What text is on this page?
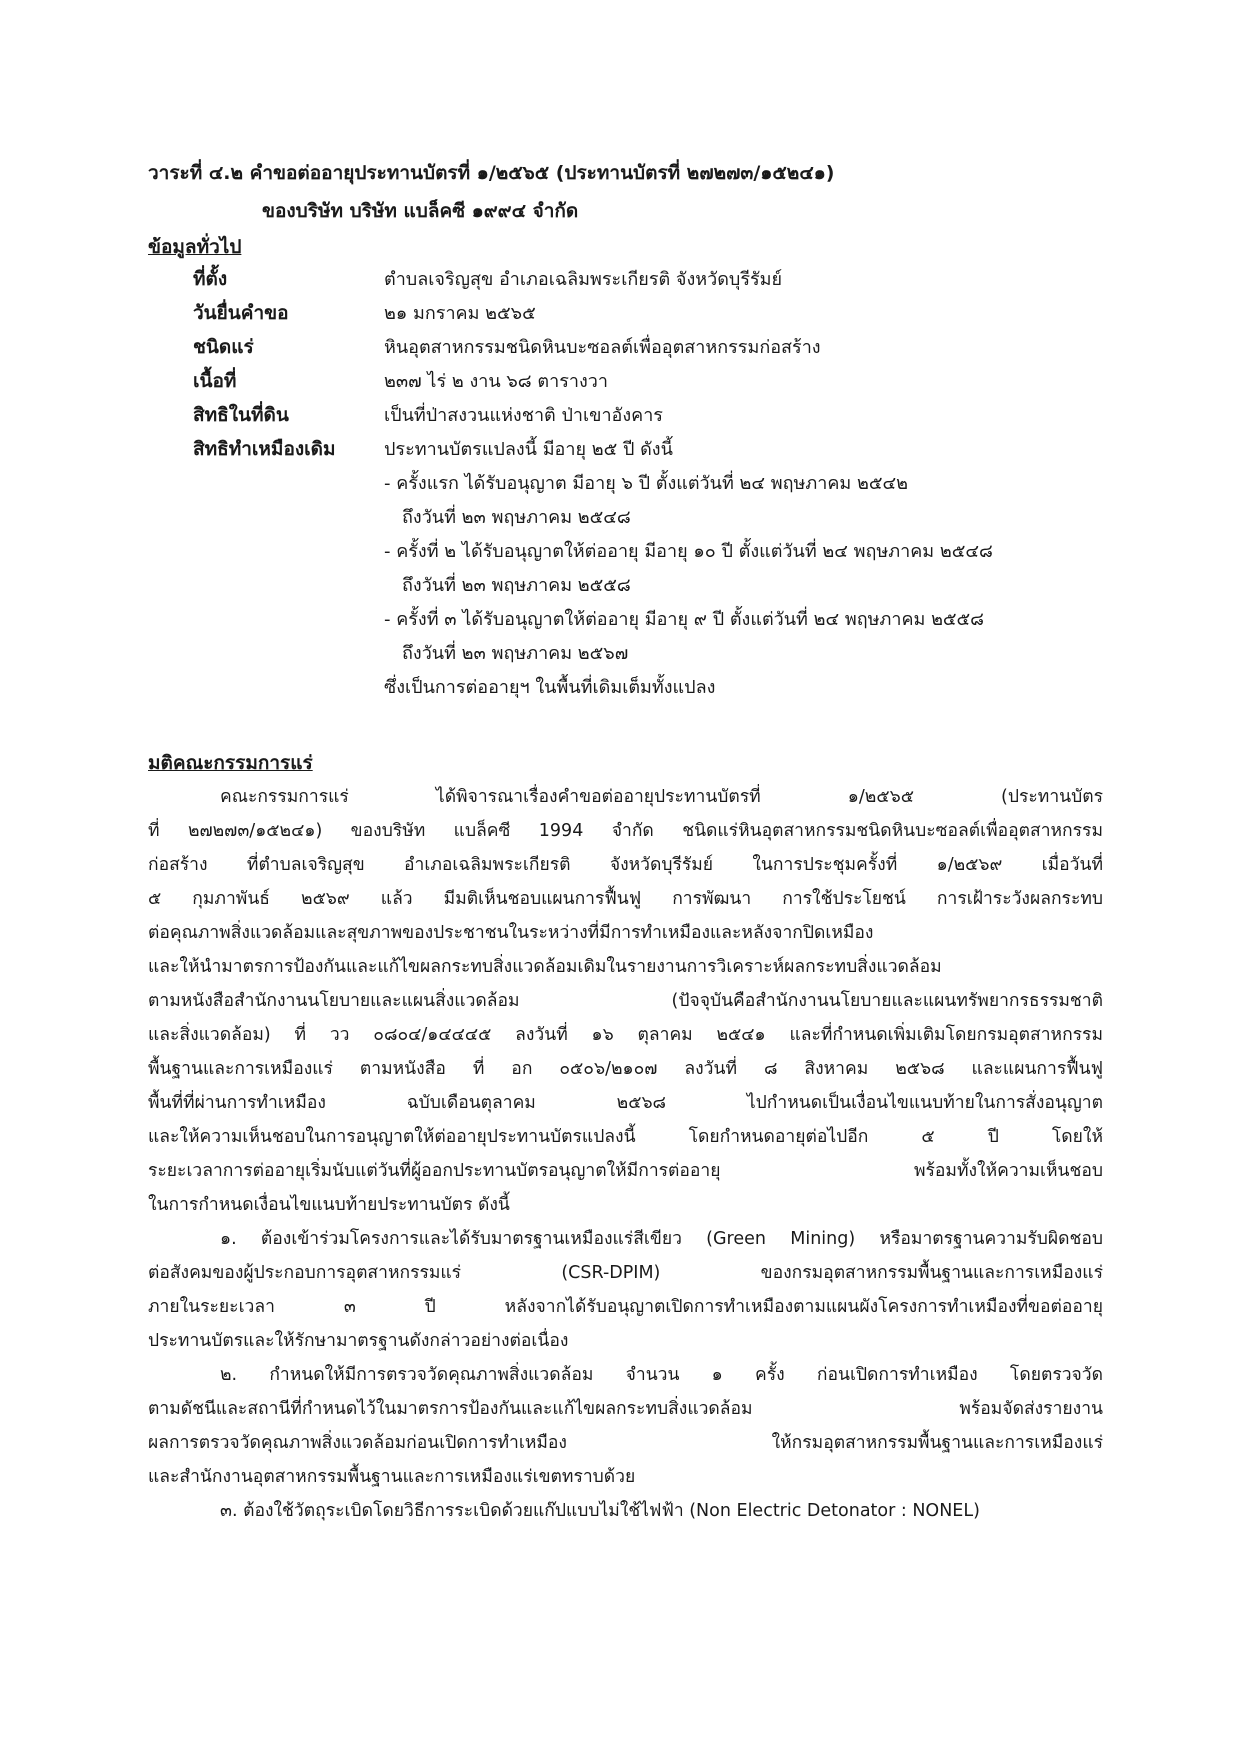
วาระที่ ๔.๒ คำขอต่ออายุประทานบัตรที่ ๑/๒๕๖๕ (ประทานบัตรที่ ๒๗๒๗๓/๑๕๒๔๑)
ของบริษัท บริษัท แบล็คซี ๑๙๙๔ จำกัด
ข้อมูลทั่วไป
ที่ตั้ง	ตำบลเจริญสุข อำเภอเฉลิมพระเกียรติ จังหวัดบุรีรัมย์
วันยื่นคำขอ	๒๑ มกราคม ๒๕๖๕
ชนิดแร่	หินอุตสาหกรรมชนิดหินบะซอลต์เพื่ออุตสาหกรรมก่อสร้าง
เนื้อที่	๒๓๗ ไร่ ๒ งาน ๖๘ ตารางวา
สิทธิในที่ดิน	เป็นที่ป่าสงวนแห่งชาติ ป่าเขาอังคาร
สิทธิทำเหมืองเดิม	ประทานบัตรแปลงนี้ มีอายุ ๒๕ ปี ดังนี้
- ครั้งแรก ได้รับอนุญาต มีอายุ ๖ ปี ตั้งแต่วันที่ ๒๔ พฤษภาคม ๒๕๔๒
ถึงวันที่ ๒๓ พฤษภาคม ๒๕๔๘
- ครั้งที่ ๒ ได้รับอนุญาตให้ต่ออายุ มีอายุ ๑๐ ปี ตั้งแต่วันที่ ๒๔ พฤษภาคม ๒๕๔๘
ถึงวันที่ ๒๓ พฤษภาคม ๒๕๕๘
- ครั้งที่ ๓ ได้รับอนุญาตให้ต่ออายุ มีอายุ ๙ ปี ตั้งแต่วันที่ ๒๔ พฤษภาคม ๒๕๕๘
ถึงวันที่ ๒๓ พฤษภาคม ๒๕๖๗
ซึ่งเป็นการต่ออายุฯ ในพื้นที่เดิมเต็มทั้งแปลง
มติคณะกรรมการแร่
คณะกรรมการแร่ ได้พิจารณาเรื่องคำขอต่ออายุประทานบัตรที่ ๑/๒๕๖๕ (ประทานบัตร
ที่ ๒๗๒๗๓/๑๕๒๔๑) ของบริษัท แบล็คซี 1994 จำกัด ชนิดแร่หินอุตสาหกรรมชนิดหินบะซอลต์เพื่ออุตสาหกรรม
ก่อสร้าง ที่ตำบลเจริญสุข อำเภอเฉลิมพระเกียรติ จังหวัดบุรีรัมย์ ในการประชุมครั้งที่ ๑/๒๕๖๙ เมื่อวันที่
๕ กุมภาพันธ์ ๒๕๖๙ แล้ว มีมติเห็นชอบแผนการฟื้นฟู การพัฒนา การใช้ประโยชน์ การเฝ้าระวังผลกระทบ
ต่อคุณภาพสิ่งแวดล้อมและสุขภาพของประชาชนในระหว่างที่มีการทำเหมืองและหลังจากปิดเหมือง
และให้นำมาตรการป้องกันและแก้ไขผลกระทบสิ่งแวดล้อมเดิมในรายงานการวิเคราะห์ผลกระทบสิ่งแวดล้อม
ตามหนังสือสำนักงานนโยบายและแผนสิ่งแวดล้อม (ปัจจุบันคือสำนักงานนโยบายและแผนทรัพยากรธรรมชาติ
และสิ่งแวดล้อม) ที่ วว ๐๘๐๔/๑๔๔๔๕ ลงวันที่ ๑๖ ตุลาคม ๒๕๔๑ และที่กำหนดเพิ่มเติมโดยกรมอุตสาหกรรม
พื้นฐานและการเหมืองแร่ ตามหนังสือ ที่ อก ๐๕๐๖/๒๑๐๗ ลงวันที่ ๘ สิงหาคม ๒๕๖๘ และแผนการฟื้นฟู
พื้นที่ที่ผ่านการทำเหมือง ฉบับเดือนตุลาคม ๒๕๖๘ ไปกำหนดเป็นเงื่อนไขแนบท้ายในการสั่งอนุญาต
และให้ความเห็นชอบในการอนุญาตให้ต่ออายุประทานบัตรแปลงนี้ โดยกำหนดอายุต่อไปอีก ๕ ปี โดยให้
ระยะเวลาการต่ออายุเริ่มนับแต่วันที่ผู้ออกประทานบัตรอนุญาตให้มีการต่ออายุ พร้อมทั้งให้ความเห็นชอบ
ในการกำหนดเงื่อนไขแนบท้ายประทานบัตร ดังนี้
๑. ต้องเข้าร่วมโครงการและได้รับมาตรฐานเหมืองแร่สีเขียว (Green Mining) หรือมาตรฐานความรับผิดชอบ
ต่อสังคมของผู้ประกอบการอุตสาหกรรมแร่ (CSR-DPIM) ของกรมอุตสาหกรรมพื้นฐานและการเหมืองแร่
ภายในระยะเวลา ๓ ปี หลังจากได้รับอนุญาตเปิดการทำเหมืองตามแผนผังโครงการทำเหมืองที่ขอต่ออายุ
ประทานบัตรและให้รักษามาตรฐานดังกล่าวอย่างต่อเนื่อง
๒. กำหนดให้มีการตรวจวัดคุณภาพสิ่งแวดล้อม จำนวน ๑ ครั้ง ก่อนเปิดการทำเหมือง โดยตรวจวัด
ตามดัชนีและสถานีที่กำหนดไว้ในมาตรการป้องกันและแก้ไขผลกระทบสิ่งแวดล้อม พร้อมจัดส่งรายงาน
ผลการตรวจวัดคุณภาพสิ่งแวดล้อมก่อนเปิดการทำเหมือง ให้กรมอุตสาหกรรมพื้นฐานและการเหมืองแร่
และสำนักงานอุตสาหกรรมพื้นฐานและการเหมืองแร่เขตทราบด้วย
๓. ต้องใช้วัตถุระเบิดโดยวิธีการระเบิดด้วยแก๊ปแบบไม่ใช้ไฟฟ้า (Non Electric Detonator : NONEL)
